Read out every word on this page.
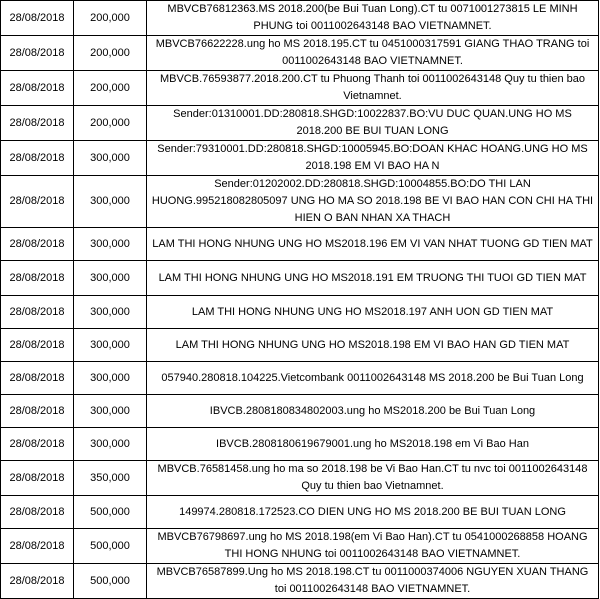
28/08/2018	200,000	MBVCB76812363.MS 2018.200(be Bui Tuan Long).CT tu 0071001273815 LE MINH PHUNG toi 0011002643148 BAO VIETNAMNET.
28/08/2018	200,000	MBVCB76622228.ung ho MS 2018.195.CT tu 0451000317591 GIANG THAO TRANG toi 0011002643148 BAO VIETNAMNET.
28/08/2018	200,000	MBVCB.76593877.2018.200.CT tu Phuong Thanh toi 0011002643148 Quy tu thien bao Vietnamnet.
28/08/2018	200,000	Sender:01310001.DD:280818.SHGD:10022837.BO:VU DUC QUAN.UNG HO MS 2018.200 BE BUI TUAN LONG
28/08/2018	300,000	Sender:79310001.DD:280818.SHGD:10005945.BO:DOAN KHAC HOANG.UNG HO MS 2018.198 EM VI BAO HA N
28/08/2018	300,000	Sender:01202002.DD:280818.SHGD:10004855.BO:DO THI LAN HUONG.995218082805097 UNG HO MA SO 2018.198 BE VI BAO HAN CON CHI HA THI HIEN O BAN NHAN XA THACH
28/08/2018	300,000	LAM THI HONG NHUNG UNG HO MS2018.196 EM VI VAN NHAT TUONG GD TIEN MAT
28/08/2018	300,000	LAM THI HONG NHUNG UNG HO MS2018.191 EM TRUONG THI TUOI GD TIEN MAT
28/08/2018	300,000	LAM THI HONG NHUNG UNG HO MS2018.197 ANH UON GD TIEN MAT
28/08/2018	300,000	LAM THI HONG NHUNG UNG HO MS2018.198 EM VI BAO HAN GD TIEN MAT
28/08/2018	300,000	057940.280818.104225.Vietcombank 0011002643148 MS 2018.200 be Bui Tuan Long
28/08/2018	300,000	IBVCB.2808180834802003.ung ho MS2018.200 be Bui Tuan Long
28/08/2018	300,000	IBVCB.2808180619679001.ung ho MS2018.198 em Vi Bao Han
28/08/2018	350,000	MBVCB.76581458.ung ho ma so 2018.198 be Vi Bao Han.CT tu nvc toi 0011002643148 Quy tu thien bao Vietnamnet.
28/08/2018	500,000	149974.280818.172523.CO DIEN UNG HO MS 2018.200 BE BUI TUAN LONG
28/08/2018	500,000	MBVCB76798697.ung ho MS 2018.198(em Vi Bao Han).CT tu 0541000268858 HOANG THI HONG NHUNG toi 0011002643148 BAO VIETNAMNET.
28/08/2018	500,000	MBVCB76587899.Ung ho MS 2018.198.CT tu 0011000374006 NGUYEN XUAN THANG toi 0011002643148 BAO VIETNAMNET.
